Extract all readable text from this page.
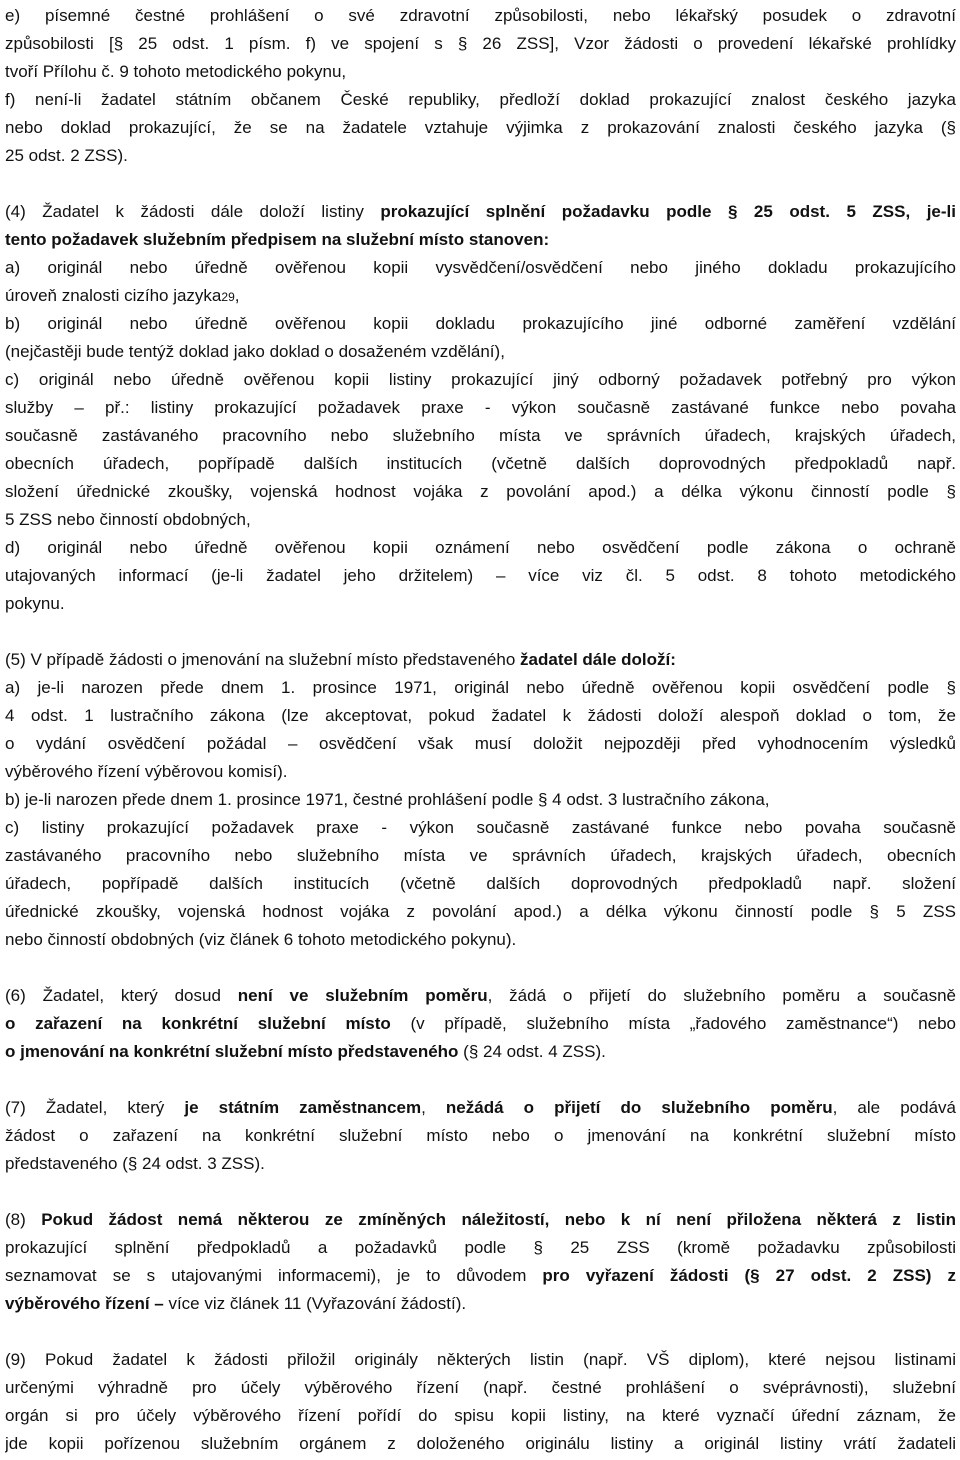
e) písemné čestné prohlášení o své zdravotní způsobilosti, nebo lékařský posudek o zdravotní
způsobilosti [§ 25 odst. 1 písm. f) ve spojení s § 26 ZSS], Vzor žádosti o provedení lékařské prohlídky
tvoří Přílohu č. 9 tohoto metodického pokynu,
f) není-li žadatel státním občanem České republiky, předloží doklad prokazující znalost českého jazyka
nebo doklad prokazující, že se na žadatele vztahuje výjimka z prokazování znalosti českého jazyka (§
25 odst. 2 ZSS).
(4) Žadatel k žádosti dále doloží listiny prokazující splnění požadavku podle § 25 odst. 5 ZSS, je-li
tento požadavek služebním předpisem na služební místo stanoven:
a) originál nebo úředně ověřenou kopii vysvědčení/osvědčení nebo jiného dokladu prokazujícího
úroveň znalosti cizího jazyka29,
b) originál nebo úředně ověřenou kopii dokladu prokazujícího jiné odborné zaměření vzdělání
(nejčastěji bude tentýž doklad jako doklad o dosaženém vzdělání),
c) originál nebo úředně ověřenou kopii listiny prokazující jiný odborný požadavek potřebný pro výkon
služby – př.: listiny prokazující požadavek praxe - výkon současně zastávané funkce nebo povaha
současně zastávaného pracovního nebo služebního místa ve správních úřadech, krajských úřadech,
obecních úřadech, popřípadě dalších institucích (včetně dalších doprovodných předpokladů např.
složení úřednické zkoušky, vojenská hodnost vojáka z povolání apod.) a délka výkonu činností podle §
5 ZSS nebo činností obdobných,
d) originál nebo úředně ověřenou kopii oznámení nebo osvědčení podle zákona o ochraně
utajovaných informací (je-li žadatel jeho držitelem) – více viz čl. 5 odst. 8 tohoto metodického
pokynu.
(5) V případě žádosti o jmenování na služební místo představeného žadatel dále doloží:
a) je-li narozen přede dnem 1. prosince 1971, originál nebo úředně ověřenou kopii osvědčení podle §
4 odst. 1 lustračního zákona (lze akceptovat, pokud žadatel k žádosti doloží alespoň doklad o tom, že
o vydání osvědčení požádal – osvědčení však musí doložit nejpozději před vyhodnocením výsledků
výběrového řízení výběrovou komisí).
b) je-li narozen přede dnem 1. prosince 1971, čestné prohlášení podle § 4 odst. 3 lustračního zákona,
c) listiny prokazující požadavek praxe - výkon současně zastávané funkce nebo povaha současně
zastávaného pracovního nebo služebního místa ve správních úřadech, krajských úřadech, obecních
úřadech, popřípadě dalších institucích (včetně dalších doprovodných předpokladů např. složení
úřednické zkoušky, vojenská hodnost vojáka z povolání apod.) a délka výkonu činností podle § 5 ZSS
nebo činností obdobných (viz článek 6 tohoto metodického pokynu).
(6) Žadatel, který dosud není ve služebním poměru, žádá o přijetí do služebního poměru a současně
o zařazení na konkrétní služební místo (v případě, služebního místa „řadového zaměstnance“) nebo
o jmenování na konkrétní služební místo představeného (§ 24 odst. 4 ZSS).
(7) Žadatel, který je státním zaměstnancem, nežádá o přijetí do služebního poměru, ale podává
žádost o zařazení na konkrétní služební místo nebo o jmenování na konkrétní služební místo
představeného (§ 24 odst. 3 ZSS).
(8) Pokud žádost nemá některou ze zmíněných náležitostí, nebo k ní není přiložena některá z listin
prokazující splnění předpokladů a požadavků podle § 25 ZSS (kromě požadavku způsobilosti
seznamovat se s utajovanými informacemi), je to důvodem pro vyřazení žádosti (§ 27 odst. 2 ZSS) z
výběrového řízení – více viz článek 11 (Vyřazování žádostí).
(9) Pokud žadatel k žádosti přiložil originály některých listin (např. VŠ diplom), které nejsou listinami
určenými výhradně pro účely výběrového řízení (např. čestné prohlášení o svéprávnosti), služební
orgán si pro účely výběrového řízení pořídí do spisu kopii listiny, na které vyznačí úřední záznam, že
jde kopii pořízenou služebním orgánem z doloženého originálu listiny a originál listiny vrátí žadateli
